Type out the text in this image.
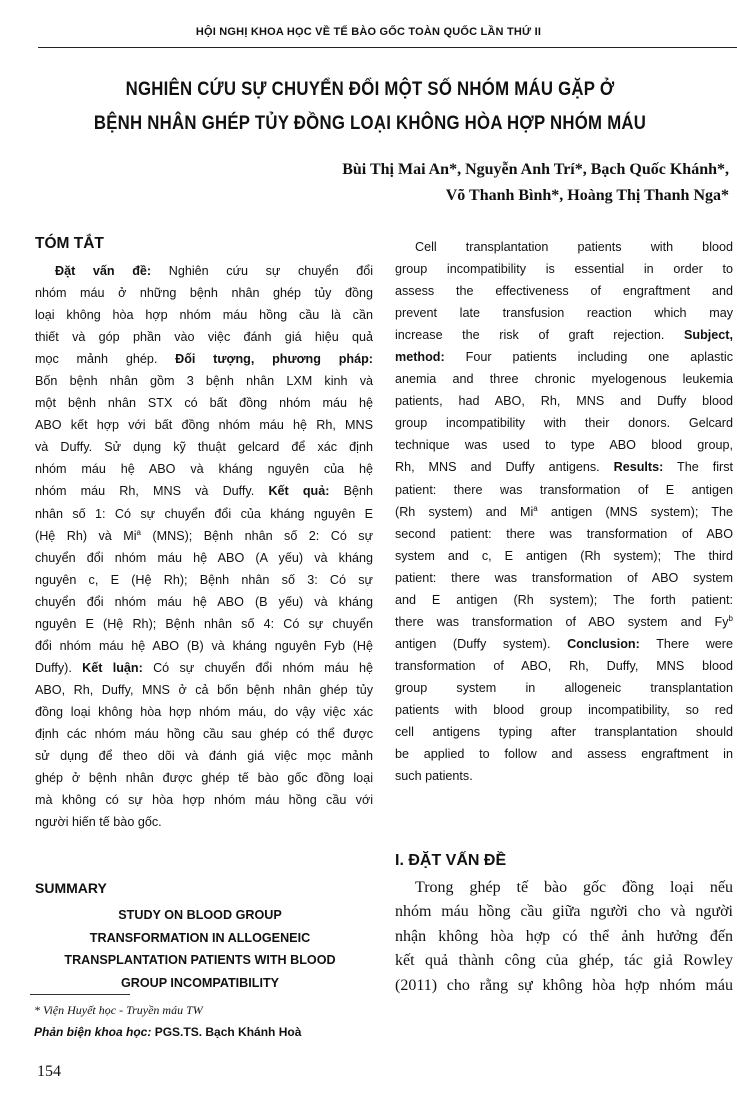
HỘI NGHỊ KHOA HỌC VỀ TẾ BÀO GỐC TOÀN QUỐC LẦN THỨ II
NGHIÊN CỨU SỰ CHUYỂN ĐỔI MỘT SỐ NHÓM MÁU GẶP Ở
BỆNH NHÂN GHÉP TỦY ĐỒNG LOẠI KHÔNG HÒA HỢP NHÓM MÁU
Bùi Thị Mai An*, Nguyễn Anh Trí*, Bạch Quốc Khánh*,
Võ Thanh Bình*, Hoàng Thị Thanh Nga*
TÓM TẮT
Đặt vấn đề: Nghiên cứu sự chuyển đổi
nhóm máu ở những bệnh nhân ghép tủy đồng
loại không hòa hợp nhóm máu hồng cầu là cần
thiết và góp phần vào việc đánh giá hiệu quả
mọc mảnh ghép. Đối tượng, phương pháp:
Bốn bệnh nhân gồm 3 bệnh nhân LXM kinh và
một bệnh nhân STX có bất đồng nhóm máu hệ
ABO kết hợp với bất đồng nhóm máu hệ Rh, MNS
và Duffy. Sử dụng kỹ thuật gelcard để xác định
nhóm máu hệ ABO và kháng nguyên của hệ
nhóm máu Rh, MNS và Duffy. Kết quả: Bệnh
nhân số 1: Có sự chuyển đổi của kháng nguyên E
(Hệ Rh) và Mi$^a$ (MNS); Bệnh nhân số 2: Có sự
chuyển đổi nhóm máu hệ ABO (A yếu) và kháng
nguyên c, E (Hệ Rh); Bệnh nhân số 3: Có sự
chuyển đổi nhóm máu hệ ABO (B yếu) và kháng
nguyên E (Hệ Rh); Bệnh nhân số 4: Có sự chuyển
đổi nhóm máu hệ ABO (B) và kháng nguyên Fyb (Hệ
Duffy). Kết luận: Có sự chuyển đổi nhóm máu hệ
ABO, Rh, Duffy, MNS ở cả bốn bệnh nhân ghép tủy
đồng loại không hòa hợp nhóm máu, do vậy việc xác
định các nhóm máu hồng cầu sau ghép có thể được
sử dụng để theo dõi và đánh giá việc mọc mảnh
ghép ở bệnh nhân được ghép tế bào gốc đồng loại
mà không có sự hòa hợp nhóm máu hồng cầu với
người hiến tế bào gốc.
SUMMARY
STUDY ON BLOOD GROUP
TRANSFORMATION IN ALLOGENEIC
TRANSPLANTATION PATIENTS WITH BLOOD
GROUP INCOMPATIBILITY
* Viện Huyết học - Truyền máu TW
Phản biện khoa học: PGS.TS. Bạch Khánh Hoà
154
Cell transplantation patients with blood
group incompatibility is essential in order to
assess the effectiveness of engraftment and
prevent late transfusion reaction which may
increase the risk of graft rejection. Subject,
method: Four patients including one aplastic
anemia and three chronic myelogenous leukemia
patients, had ABO, Rh, MNS and Duffy blood
group incompatibility with their donors. Gelcard
technique was used to type ABO blood group,
Rh, MNS and Duffy antigens. Results: The first
patient: there was transformation of E antigen
(Rh system) and Mi$^a$ antigen (MNS system); The
second patient: there was transformation of ABO
system and c, E antigen (Rh system); The third
patient: there was transformation of ABO system
and E antigen (Rh system); The forth patient:
there was transformation of ABO system and Fy$^b$
antigen (Duffy system). Conclusion: There were
transformation of ABO, Rh, Duffy, MNS blood
group system in allogeneic transplantation
patients with blood group incompatibility, so red
cell antigens typing after transplantation should
be applied to follow and assess engraftment in
such patients.
I. ĐẶT VẤN ĐỀ
Trong ghép tế bào gốc đồng loại nếu
nhóm máu hồng cầu giữa người cho và người
nhận không hòa hợp có thể ảnh hưởng đến
kết quả thành công của ghép, tác giả Rowley
(2011) cho rằng sự không hòa hợp nhóm máu
